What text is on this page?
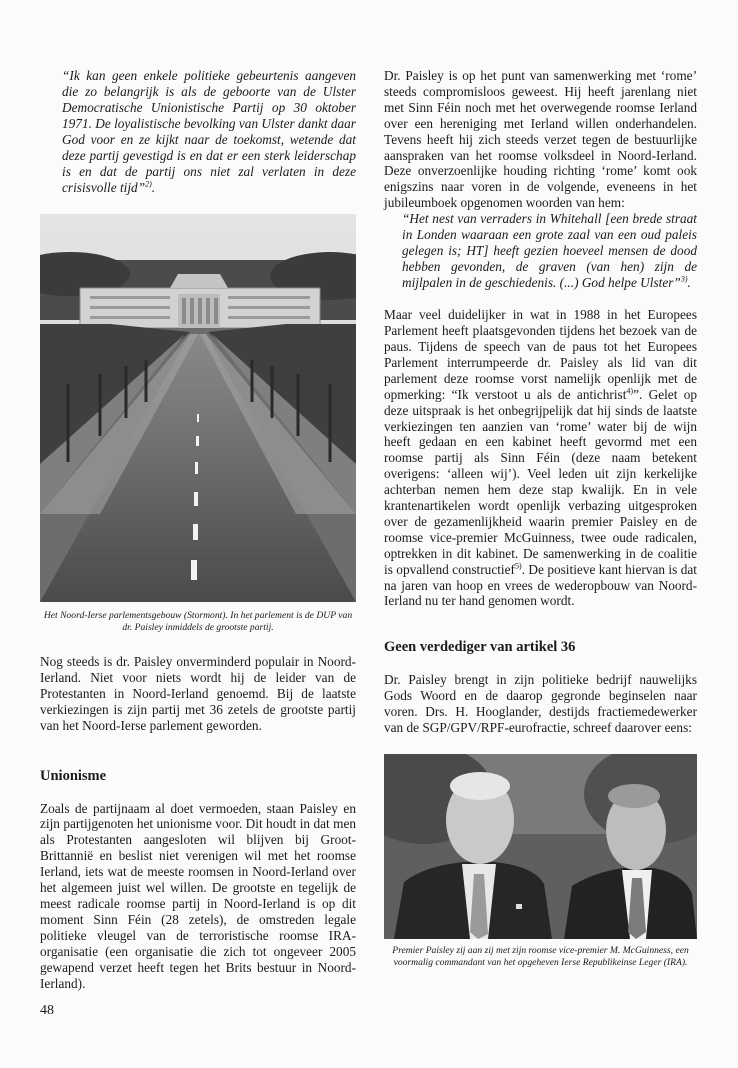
“Ik kan geen enkele politieke gebeurtenis aangeven die zo belangrijk is als de geboorte van de Ulster Democratische Unionistische Partij op 30 oktober 1971. De loyalistische bevolking van Ulster dankt daar God voor en ze kijkt naar de toekomst, wetende dat deze partij gevestigd is en dat er een sterk leiderschap is en dat de partij ons niet zal verlaten in deze crisisvolle tijd”$^{2)}$.

Het Noord-Ierse parlementsgebouw (Stormont). In het parlement is de DUP van dr. Paisley inmiddels de grootste partij.

Nog steeds is dr. Paisley onverminderd populair in Noord-Ierland. Niet voor niets wordt hij de leider van de Protestanten in Noord-Ierland genoemd. Bij de laatste verkiezingen is zijn partij met 36 zetels de grootste partij van het Noord-Ierse parlement geworden.

Unionisme

Zoals de partijnaam al doet vermoeden, staan Paisley en zijn partijgenoten het unionisme voor. Dit houdt in dat men als Protestanten aangesloten wil blijven bij Groot-Brittannië en beslist niet verenigen wil met het roomse Ierland, iets wat de meeste roomsen in Noord-Ierland over het algemeen juist wel willen. De grootste en tegelijk de meest radicale roomse partij in Noord-Ierland is op dit moment Sinn Féin (28 zetels), de omstreden legale politieke vleugel van de terroristische roomse IRA-organisatie (een organisatie die zich tot ongeveer 2005 gewapend verzet heeft tegen het Brits bestuur in Noord-Ierland).

Dr. Paisley is op het punt van samenwerking met ‘rome’ steeds compromisloos geweest. Hij heeft jarenlang niet met Sinn Féin noch met het overwegende roomse Ierland over een hereniging met Ierland willen onderhandelen. Tevens heeft hij zich steeds verzet tegen de bestuurlijke aanspraken van het roomse volksdeel in Noord-Ierland. Deze onverzoenlijke houding richting ‘rome’ komt ook enigszins naar voren in de volgende, eveneens in het jubileumboek opgenomen woorden van hem:

“Het nest van verraders in Whitehall [een brede straat in Londen waaraan een grote zaal van een oud paleis gelegen is; HT] heeft gezien hoeveel mensen de dood hebben gevonden, de graven (van hen) zijn de mijlpalen in de geschiedenis. (...) God helpe Ulster”$^{3)}$.

Maar veel duidelijker in wat in 1988 in het Europees Parlement heeft plaatsgevonden tijdens het bezoek van de paus. Tijdens de speech van de paus tot het Europees Parlement interrumpeerde dr. Paisley als lid van dit parlement deze roomse vorst namelijk openlijk met de opmerking: “Ik verstoot u als de antichrist$^{4)}$”. Gelet op deze uitspraak is het onbegrijpelijk dat hij sinds de laatste verkiezingen ten aanzien van ‘rome’ water bij de wijn heeft gedaan en een kabinet heeft gevormd met een roomse partij als Sinn Féin (deze naam betekent overigens: ‘alleen wij’). Veel leden uit zijn kerkelijke achterban nemen hem deze stap kwalijk. En in vele krantenartikelen wordt openlijk verbazing uitgesproken over de gezamenlijkheid waarin premier Paisley en de roomse vice-premier McGuinness, twee oude radicalen, optrekken in dit kabinet. De samenwerking in de coalitie is opvallend constructief$^{5)}$. De positieve kant hiervan is dat na jaren van hoop en vrees de wederopbouw van Noord-Ierland nu ter hand genomen wordt.

Geen verdediger van artikel 36

Dr. Paisley brengt in zijn politieke bedrijf nauwelijks Gods Woord en de daarop gegronde beginselen naar voren. Drs. H. Hooglander, destijds fractiemedewerker van de SGP/GPV/RPF-eurofractie, schreef daarover eens:

Premier Paisley zij aan zij met zijn roomse vice-premier M. McGuinness, een voormalig commandant van het opgeheven Ierse Republikeinse Leger (IRA).

48
